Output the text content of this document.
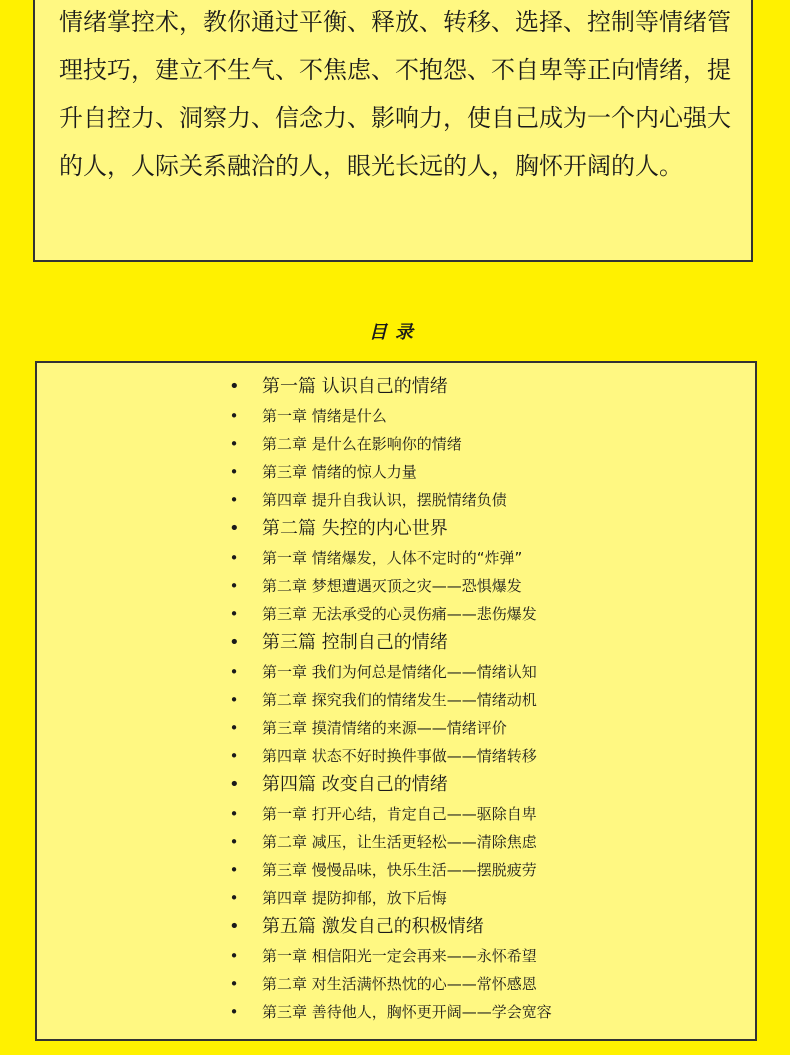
情绪掌控术，教你通过平衡、释放、转移、选择、控制等情绪管理技巧，建立不生气、不焦虑、不抱怨、不自卑等正向情绪，提升自控力、洞察力、信念力、影响力，使自己成为一个内心强大的人，人际关系融洽的人，眼光长远的人，胸怀开阔的人。

目录
• 第一篇 认识自己的情绪
• 第一章 情绪是什么
• 第二章 是什么在影响你的情绪
• 第三章 情绪的惊人力量
• 第四章 提升自我认识，摆脱情绪负债
• 第二篇 失控的内心世界
• 第一章 情绪爆发，人体不定时的“炸弹”
• 第二章 梦想遭遇灭顶之灾——恐惧爆发
• 第三章 无法承受的心灵伤痛——悲伤爆发
• 第三篇 控制自己的情绪
• 第一章 我们为何总是情绪化——情绪认知
• 第二章 探究我们的情绪发生——情绪动机
• 第三章 摸清情绪的来源——情绪评价
• 第四章 状态不好时换件事做——情绪转移
• 第四篇 改变自己的情绪
• 第一章 打开心结，肯定自己——驱除自卑
• 第二章 减压，让生活更轻松——清除焦虑
• 第三章 慢慢品味，快乐生活——摆脱疲劳
• 第四章 提防抑郁，放下后悔
• 第五篇 激发自己的积极情绪
• 第一章 相信阳光一定会再来——永怀希望
• 第二章 对生活满怀热忱的心——常怀感恩
• 第三章 善待他人，胸怀更开阔——学会宽容
